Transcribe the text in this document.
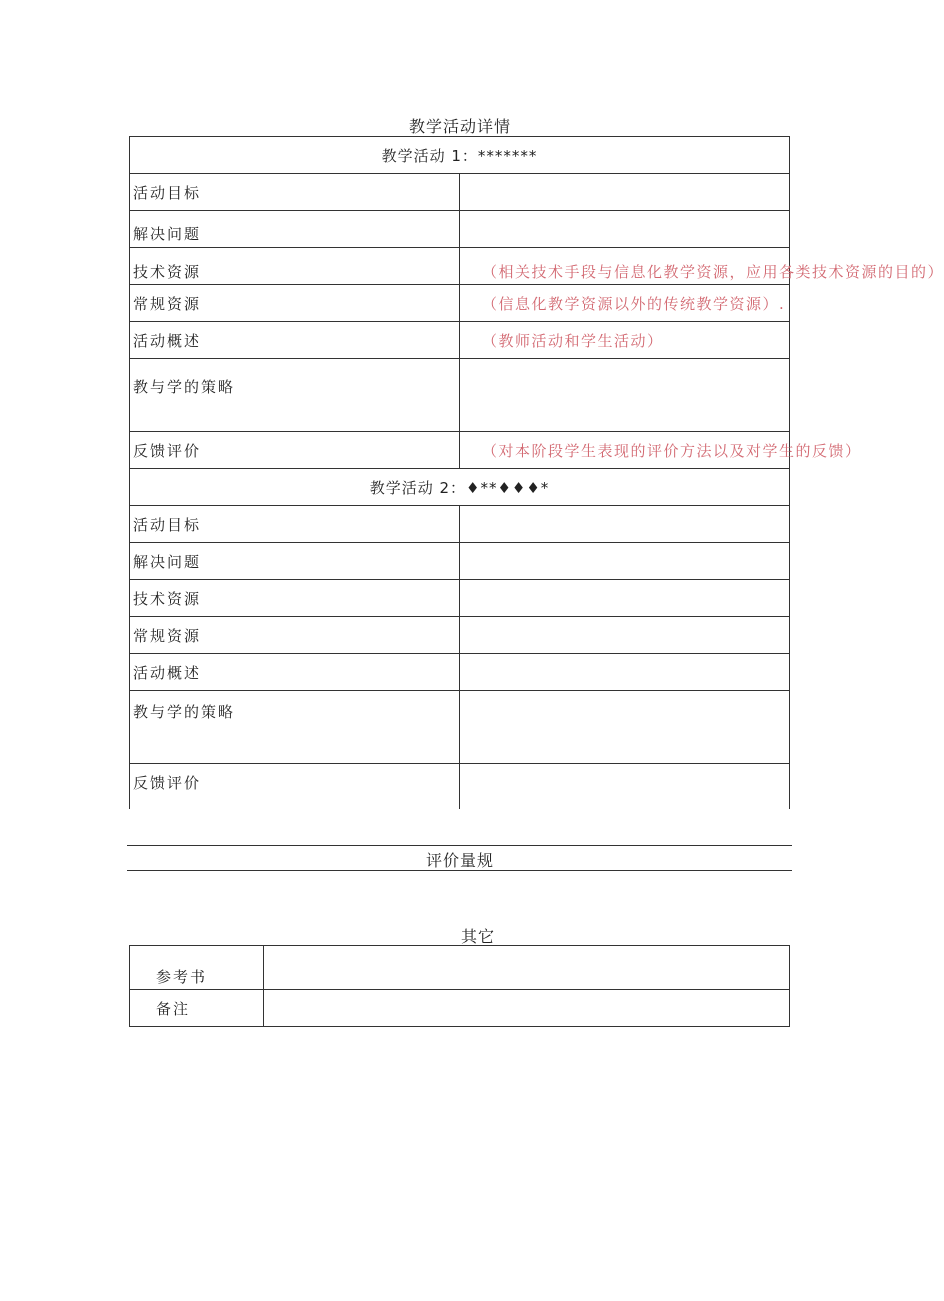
教学活动详情
教学活动 1：*******	
活动目标	
解决问题	
技术资源	（相关技术手段与信息化教学资源，应用各类技术资源的目的）
常规资源	（信息化教学资源以外的传统教学资源）.
活动概述	（教师活动和学生活动）
教与学的策略	
反馈评价	（对本阶段学生表现的评价方法以及对学生的反馈）
教学活动 2：♦**♦♦♦*	
活动目标	
解决问题	
技术资源	
常规资源	
活动概述	
教与学的策略	
反馈评价	
评价量规
其它
参考书	
备注	
